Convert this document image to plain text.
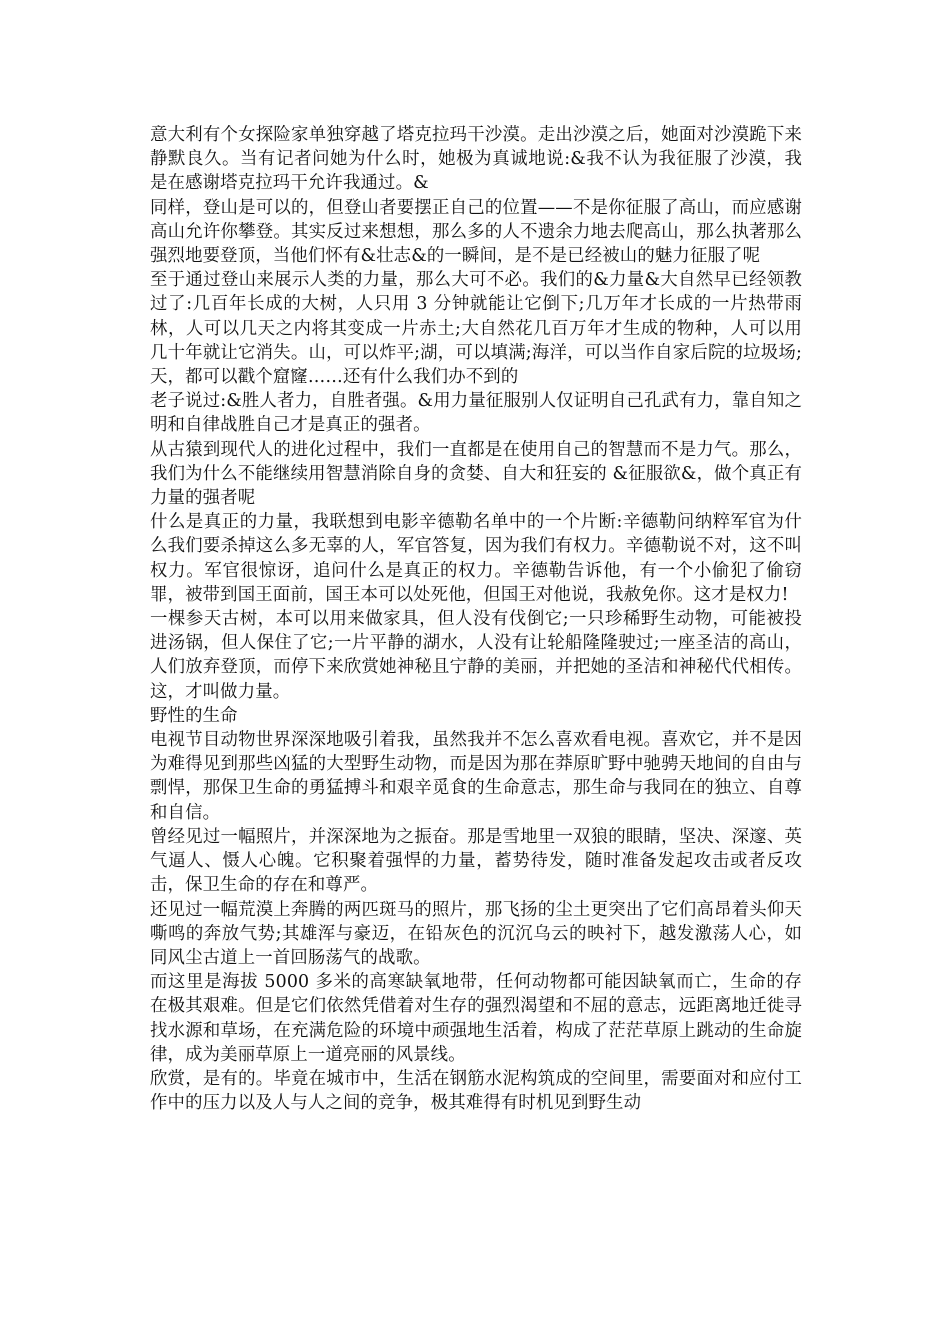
意大利有个女探险家单独穿越了塔克拉玛干沙漠。走出沙漠之后，她面对沙漠跪下来静默良久。当有记者问她为什么时，她极为真诚地说:&我不认为我征服了沙漠，我是在感谢塔克拉玛干允许我通过。&

同样，登山是可以的，但登山者要摆正自己的位置——不是你征服了高山，而应感谢高山允许你攀登。其实反过来想想，那么多的人不遗余力地去爬高山，那么执著那么强烈地要登顶，当他们怀有&壮志&的一瞬间，是不是已经被山的魅力征服了呢

至于通过登山来展示人类的力量，那么大可不必。我们的&力量&大自然早已经领教过了:几百年长成的大树，人只用 3 分钟就能让它倒下;几万年才长成的一片热带雨林，人可以几天之内将其变成一片赤土;大自然花几百万年才生成的物种，人可以用几十年就让它消失。山，可以炸平;湖，可以填满;海洋，可以当作自家后院的垃圾场;天，都可以戳个窟窿……还有什么我们办不到的

老子说过:&胜人者力，自胜者强。&用力量征服别人仅证明自己孔武有力，靠自知之明和自律战胜自己才是真正的强者。

从古猿到现代人的进化过程中，我们一直都是在使用自己的智慧而不是力气。那么，我们为什么不能继续用智慧消除自身的贪婪、自大和狂妄的 &征服欲&，做个真正有力量的强者呢

什么是真正的力量，我联想到电影辛德勒名单中的一个片断:辛德勒问纳粹军官为什么我们要杀掉这么多无辜的人，军官答复，因为我们有权力。辛德勒说不对，这不叫权力。军官很惊讶，追问什么是真正的权力。辛德勒告诉他，有一个小偷犯了偷窃罪，被带到国王面前，国王本可以处死他，但国王对他说，我赦免你。这才是权力!

一棵参天古树，本可以用来做家具，但人没有伐倒它;一只珍稀野生动物，可能被投进汤锅，但人保住了它;一片平静的湖水，人没有让轮船隆隆驶过;一座圣洁的高山，人们放弃登顶，而停下来欣赏她神秘且宁静的美丽，并把她的圣洁和神秘代代相传。这，才叫做力量。

野性的生命

电视节目动物世界深深地吸引着我，虽然我并不怎么喜欢看电视。喜欢它，并不是因为难得见到那些凶猛的大型野生动物，而是因为那在莽原旷野中驰骋天地间的自由与剽悍，那保卫生命的勇猛搏斗和艰辛觅食的生命意志，那生命与我同在的独立、自尊和自信。

曾经见过一幅照片，并深深地为之振奋。那是雪地里一双狼的眼睛，坚决、深邃、英气逼人、慑人心魄。它积聚着强悍的力量，蓄势待发，随时准备发起攻击或者反攻击，保卫生命的存在和尊严。

还见过一幅荒漠上奔腾的两匹斑马的照片，那飞扬的尘土更突出了它们高昂着头仰天嘶鸣的奔放气势;其雄浑与豪迈，在铅灰色的沉沉乌云的映衬下，越发激荡人心，如同风尘古道上一首回肠荡气的战歌。

而这里是海拔 5000 多米的高寒缺氧地带，任何动物都可能因缺氧而亡，生命的存在极其艰难。但是它们依然凭借着对生存的强烈渴望和不屈的意志，远距离地迁徙寻找水源和草场，在充满危险的环境中顽强地生活着，构成了茫茫草原上跳动的生命旋律，成为美丽草原上一道亮丽的风景线。

欣赏，是有的。毕竟在城市中，生活在钢筋水泥构筑成的空间里，需要面对和应付工作中的压力以及人与人之间的竞争，极其难得有时机见到野生动
